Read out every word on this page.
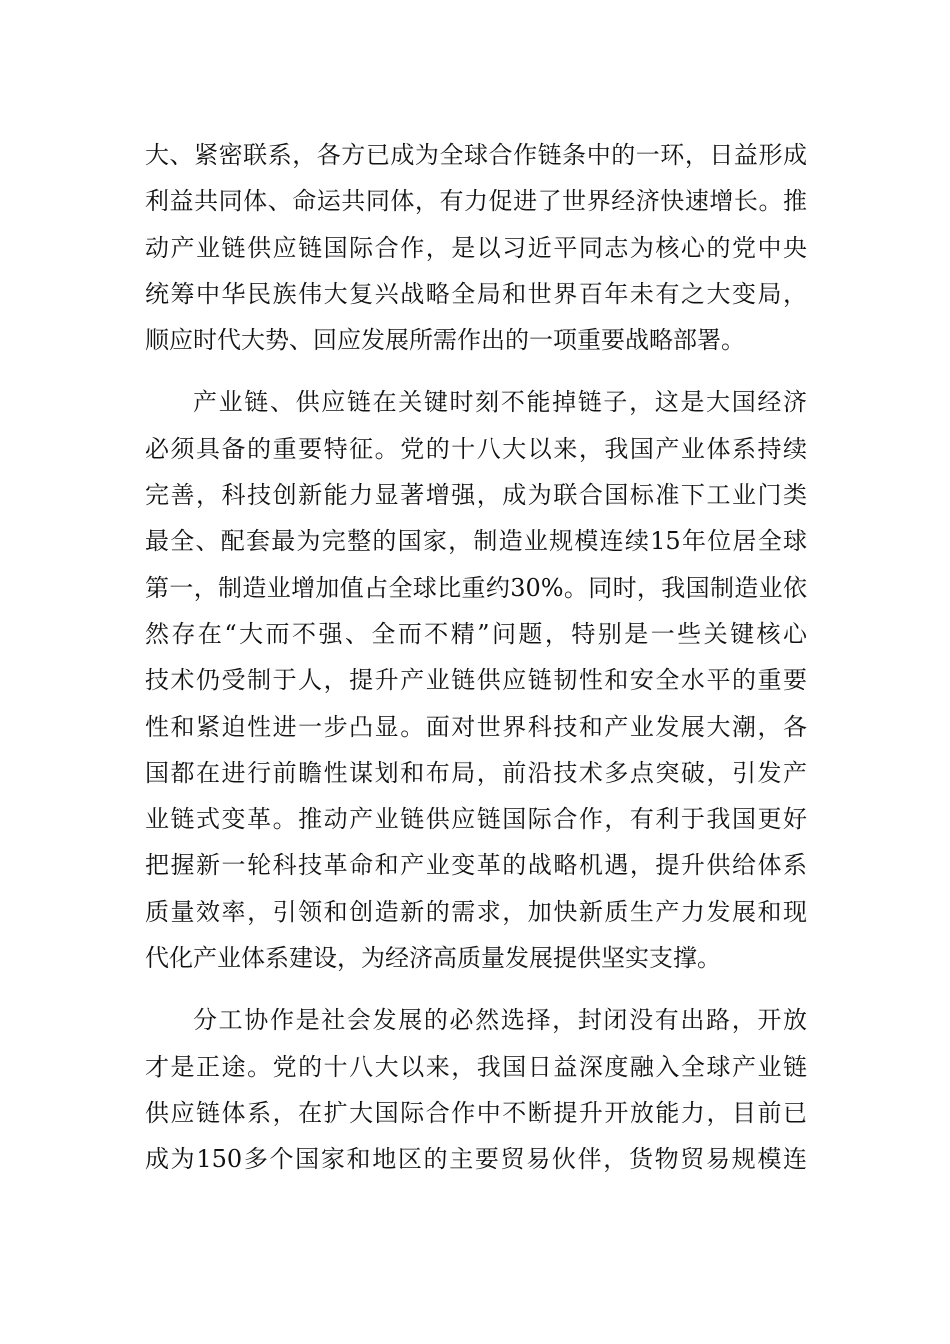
大、紧密联系，各方已成为全球合作链条中的一环，日益形成
利益共同体、命运共同体，有力促进了世界经济快速增长。推
动产业链供应链国际合作，是以习近平同志为核心的党中央
统筹中华民族伟大复兴战略全局和世界百年未有之大变局，
顺应时代大势、回应发展所需作出的一项重要战略部署。
产业链、供应链在关键时刻不能掉链子，这是大国经济
必须具备的重要特征。党的十八大以来，我国产业体系持续
完善，科技创新能力显著增强，成为联合国标准下工业门类
最全、配套最为完整的国家，制造业规模连续15年位居全球
第一，制造业增加值占全球比重约30%。同时，我国制造业依
然存在“大而不强、全而不精”问题，特别是一些关键核心
技术仍受制于人，提升产业链供应链韧性和安全水平的重要
性和紧迫性进一步凸显。面对世界科技和产业发展大潮，各
国都在进行前瞻性谋划和布局，前沿技术多点突破，引发产
业链式变革。推动产业链供应链国际合作，有利于我国更好
把握新一轮科技革命和产业变革的战略机遇，提升供给体系
质量效率，引领和创造新的需求，加快新质生产力发展和现
代化产业体系建设，为经济高质量发展提供坚实支撑。
分工协作是社会发展的必然选择，封闭没有出路，开放
才是正途。党的十八大以来，我国日益深度融入全球产业链
供应链体系，在扩大国际合作中不断提升开放能力，目前已
成为150多个国家和地区的主要贸易伙伴，货物贸易规模连
